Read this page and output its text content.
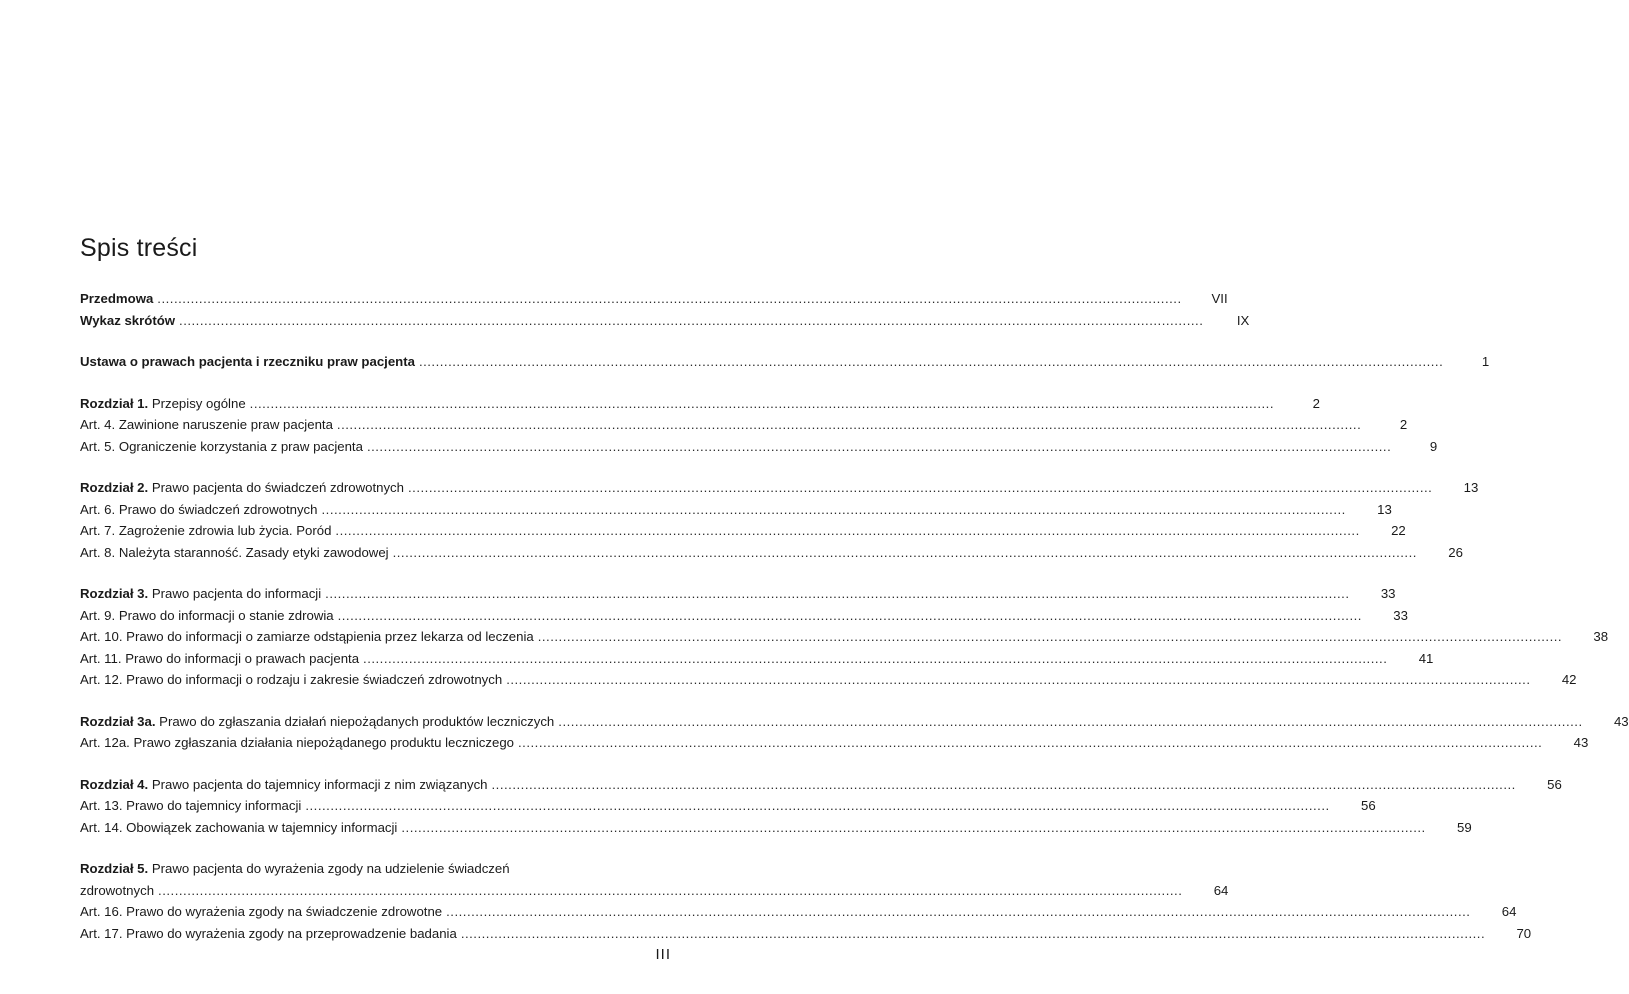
Spis treści
Przedmowa .....	VII
Wykaz skrótów .....	IX
Ustawa o prawach pacjenta i rzeczniku praw pacjenta .....	1
Rozdział 1. Przepisy ogólne .....	2
Art. 4. Zawinione naruszenie praw pacjenta .....	2
Art. 5. Ograniczenie korzystania z praw pacjenta .....	9
Rozdział 2. Prawo pacjenta do świadczeń zdrowotnych .....	13
Art. 6. Prawo do świadczeń zdrowotnych .....	13
Art. 7. Zagrożenie zdrowia lub życia. Poród .....	22
Art. 8. Należyta staranność. Zasady etyki zawodowej .....	26
Rozdział 3. Prawo pacjenta do informacji .....	33
Art. 9. Prawo do informacji o stanie zdrowia .....	33
Art. 10. Prawo do informacji o zamiarze odstąpienia przez lekarza od leczenia .....	38
Art. 11. Prawo do informacji o prawach pacjenta .....	41
Art. 12. Prawo do informacji o rodzaju i zakresie świadczeń zdrowotnych .....	42
Rozdział 3a. Prawo do zgłaszania działań niepożądanych produktów leczniczych .....	43
Art. 12a. Prawo zgłaszania działania niepożądanego produktu leczniczego .....	43
Rozdział 4. Prawo pacjenta do tajemnicy informacji z nim związanych .....	56
Art. 13. Prawo do tajemnicy informacji .....	56
Art. 14. Obowiązek zachowania w tajemnicy informacji .....	59
Rozdział 5. Prawo pacjenta do wyrażenia zgody na udzielenie świadczeń
zdrowotnych .....	64
Art. 16. Prawo do wyrażenia zgody na świadczenie zdrowotne .....	64
Art. 17. Prawo do wyrażenia zgody na przeprowadzenie badania .....	70
III
